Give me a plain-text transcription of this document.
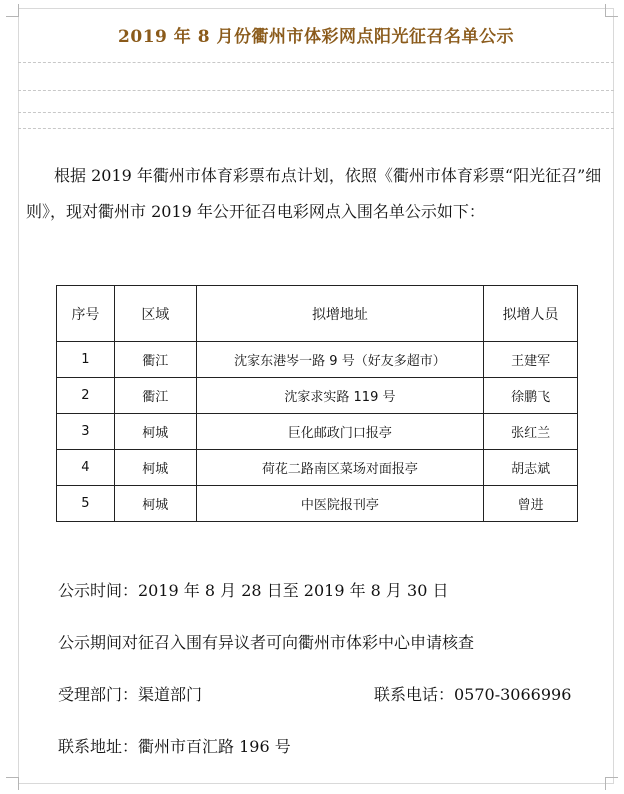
2019 年 8 月份衢州市体彩网点阳光征召名单公示

根据 2019 年衢州市体育彩票布点计划，依照《衢州市体育彩票“阳光征召”细则》，现对衢州市 2019 年公开征召电彩网点入围名单公示如下：

序号	区域	拟增地址	拟增人员
1	衢江	沈家东港岑一路 9 号（好友多超市）	王建军
2	衢江	沈家求实路 119 号	徐鹏飞
3	柯城	巨化邮政门口报亭	张红兰
4	柯城	荷花二路南区菜场对面报亭	胡志斌
5	柯城	中医院报刊亭	曾进
公示时间：2019 年 8 月 28 日至 2019 年 8 月 30 日
公示期间对征召入围有异议者可向衢州市体彩中心申请核查
受理部门：渠道部门	联系电话：0570-3066996
联系地址：衢州市百汇路 196 号
